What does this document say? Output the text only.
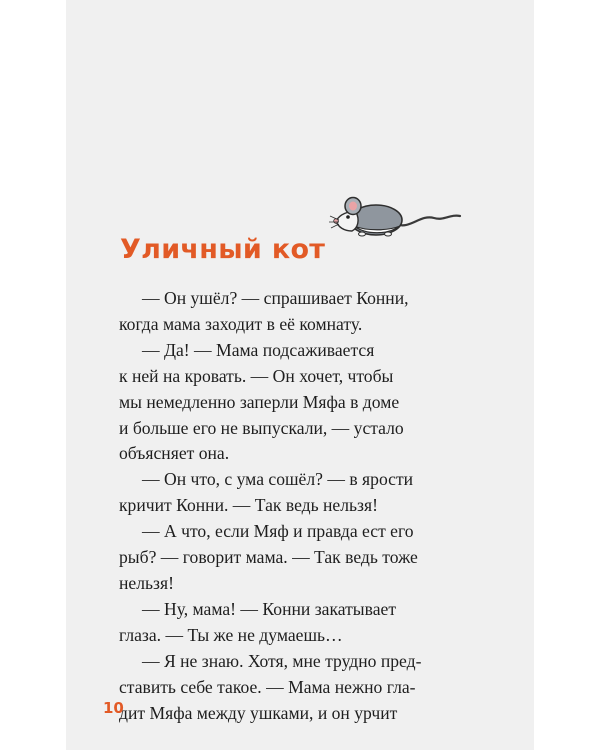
Уличный кот
— Он ушёл? — спрашивает Конни,
когда мама заходит в её комнату.
— Да! — Мама подсаживается
к ней на кровать. — Он хочет, чтобы
мы немедленно заперли Мяфа в доме
и больше его не выпускали, — устало
объясняет она.
— Он что, с ума сошёл? — в ярости
кричит Конни. — Так ведь нельзя!
— А что, если Мяф и правда ест его
рыб? — говорит мама. — Так ведь тоже
нельзя!
— Ну, мама! — Конни закатывает
глаза. — Ты же не думаешь…
— Я не знаю. Хотя, мне трудно пред-
ставить себе такое. — Мама нежно гла-
дит Мяфа между ушками, и он урчит

10
